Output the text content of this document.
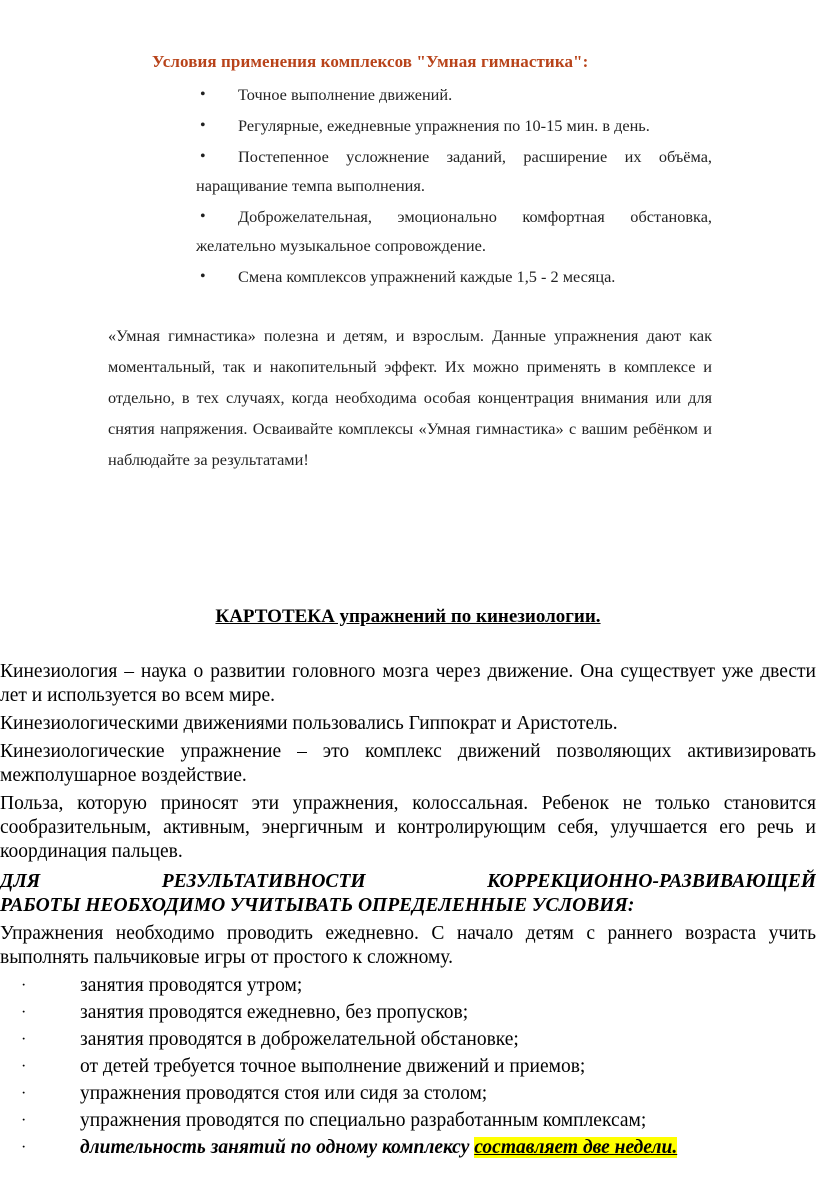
Условия применения комплексов "Умная гимнастика":
•	Точное выполнение движений.
•	Регулярные, ежедневные упражнения по 10-15 мин. в день.
•	Постепенное усложнение заданий, расширение их объёма, наращивание темпа выполнения.
•	Доброжелательная, эмоционально комфортная обстановка, желательно музыкальное сопровождение.
•	Смена комплексов упражнений каждые 1,5 - 2 месяца.
«Умная гимнастика» полезна и детям, и взрослым. Данные упражнения дают как моментальный, так и накопительный эффект. Их можно применять в комплексе и отдельно, в тех случаях, когда необходима особая концентрация внимания или для снятия напряжения. Осваивайте комплексы «Умная гимнастика» с вашим ребёнком и наблюдайте за результатами!
КАРТОТЕКА упражнений по кинезиологии.

Кинезиология – наука о развитии головного мозга через движение. Она существует уже двести лет и используется во всем мире.

Кинезиологическими движениями пользовались Гиппократ и Аристотель.

Кинезиологические упражнение – это комплекс движений позволяющих активизировать межполушарное воздействие.

Польза, которую приносят эти упражнения, колоссальная. Ребенок не только становится сообразительным, активным, энергичным и контролирующим себя, улучшается его речь и координация пальцев.

ДЛЯ РЕЗУЛЬТАТИВНОСТИ КОРРЕКЦИОННО-РАЗВИВАЮЩЕЙ
РАБОТЫ НЕОБХОДИМО УЧИТЫВАТЬ ОПРЕДЕЛЕННЫЕ УСЛОВИЯ:

Упражнения необходимо проводить ежедневно. С начало детям с раннего возраста учить выполнять пальчиковые игры от простого к сложному.

·	занятия проводятся утром;
·	занятия проводятся ежедневно, без пропусков;
·	занятия проводятся в доброжелательной обстановке;
·	от детей требуется точное выполнение движений и приемов;
·	упражнения проводятся стоя или сидя за столом;
·	упражнения проводятся по специально разработанным комплексам;
·	длительность занятий по одному комплексу составляет две недели.
